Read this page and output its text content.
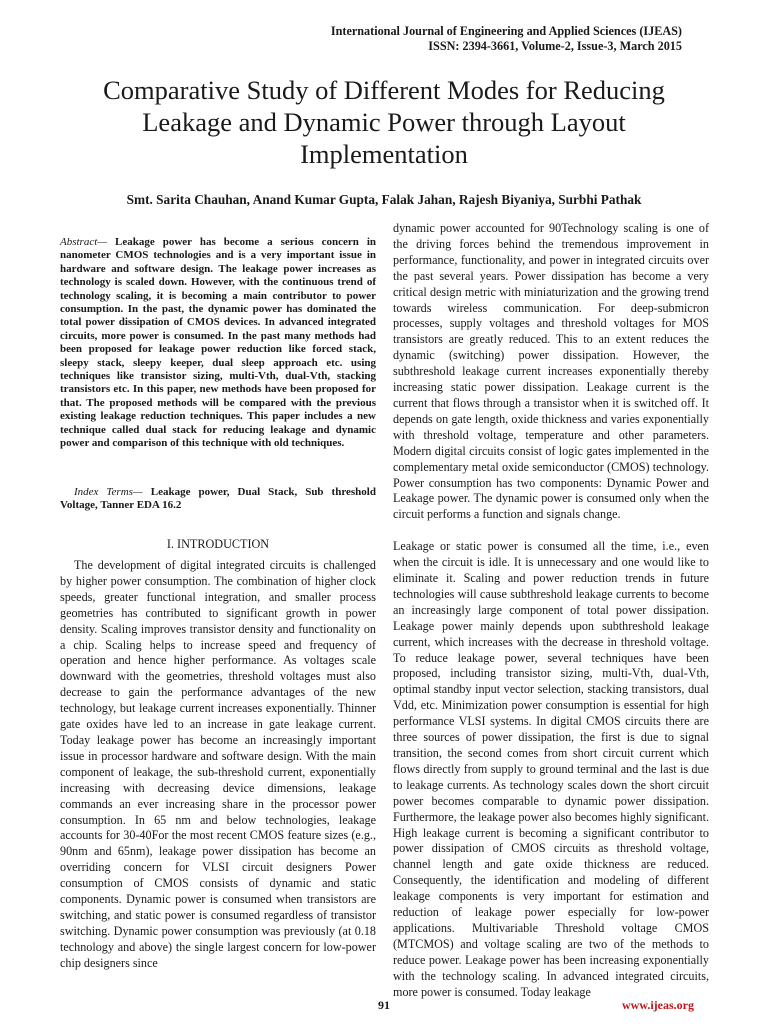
International Journal of Engineering and Applied Sciences (IJEAS)
ISSN: 2394-3661, Volume-2, Issue-3, March 2015
Comparative Study of Different Modes for Reducing Leakage and Dynamic Power through Layout Implementation
Smt. Sarita Chauhan, Anand Kumar Gupta, Falak Jahan, Rajesh Biyaniya, Surbhi Pathak
Abstract— Leakage power has become a serious concern in nanometer CMOS technologies and is a very important issue in hardware and software design. The leakage power increases as technology is scaled down. However, with the continuous trend of technology scaling, it is becoming a main contributor to power consumption. In the past, the dynamic power has dominated the total power dissipation of CMOS devices. In advanced integrated circuits, more power is consumed. In the past many methods had been proposed for leakage power reduction like forced stack, sleepy stack, sleepy keeper, dual sleep approach etc. using techniques like transistor sizing, multi-Vth, dual-Vth, stacking transistors etc. In this paper, new methods have been proposed for that. The proposed methods will be compared with the previous existing leakage reduction techniques. This paper includes a new technique called dual stack for reducing leakage and dynamic power and comparison of this technique with old techniques.
Index Terms— Leakage power, Dual Stack, Sub threshold Voltage, Tanner EDA 16.2
I. INTRODUCTION
The development of digital integrated circuits is challenged by higher power consumption. The combination of higher clock speeds, greater functional integration, and smaller process geometries has contributed to significant growth in power density. Scaling improves transistor density and functionality on a chip. Scaling helps to increase speed and frequency of operation and hence higher performance. As voltages scale downward with the geometries, threshold voltages must also decrease to gain the performance advantages of the new technology, but leakage current increases exponentially. Thinner gate oxides have led to an increase in gate leakage current. Today leakage power has become an increasingly important issue in processor hardware and software design. With the main component of leakage, the sub-threshold current, exponentially increasing with decreasing device dimensions, leakage commands an ever increasing share in the processor power consumption. In 65 nm and below technologies, leakage accounts for 30-40For the most recent CMOS feature sizes (e.g., 90nm and 65nm), leakage power dissipation has become an overriding concern for VLSI circuit designers Power consumption of CMOS consists of dynamic and static components. Dynamic power is consumed when transistors are switching, and static power is consumed regardless of transistor switching. Dynamic power consumption was previously (at 0.18 technology and above) the single largest concern for low-power chip designers since

dynamic power accounted for 90Technology scaling is one of the driving forces behind the tremendous improvement in performance, functionality, and power in integrated circuits over the past several years. Power dissipation has become a very critical design metric with miniaturization and the growing trend towards wireless communication. For deep-submicron processes, supply voltages and threshold voltages for MOS transistors are greatly reduced. This to an extent reduces the dynamic (switching) power dissipation. However, the subthreshold leakage current increases exponentially thereby increasing static power dissipation. Leakage current is the current that flows through a transistor when it is switched off. It depends on gate length, oxide thickness and varies exponentially with threshold voltage, temperature and other parameters. Modern digital circuits consist of logic gates implemented in the complementary metal oxide semiconductor (CMOS) technology. Power consumption has two components: Dynamic Power and Leakage power. The dynamic power is consumed only when the circuit performs a function and signals change.

Leakage or static power is consumed all the time, i.e., even when the circuit is idle. It is unnecessary and one would like to eliminate it. Scaling and power reduction trends in future technologies will cause subthreshold leakage currents to become an increasingly large component of total power dissipation. Leakage power mainly depends upon subthreshold leakage current, which increases with the decrease in threshold voltage. To reduce leakage power, several techniques have been proposed, including transistor sizing, multi-Vth, dual-Vth, optimal standby input vector selection, stacking transistors, dual Vdd, etc. Minimization power consumption is essential for high performance VLSI systems. In digital CMOS circuits there are three sources of power dissipation, the first is due to signal transition, the second comes from short circuit current which flows directly from supply to ground terminal and the last is due to leakage currents. As technology scales down the short circuit power becomes comparable to dynamic power dissipation. Furthermore, the leakage power also becomes highly significant. High leakage current is becoming a significant contributor to power dissipation of CMOS circuits as threshold voltage, channel length and gate oxide thickness are reduced. Consequently, the identification and modeling of different leakage components is very important for estimation and reduction of leakage power especially for low-power applications. Multivariable Threshold voltage CMOS (MTCMOS) and voltage scaling are two of the methods to reduce power. Leakage power has been increasing exponentially with the technology scaling. In advanced integrated circuits, more power is consumed. Today leakage

91	www.ijeas.org
